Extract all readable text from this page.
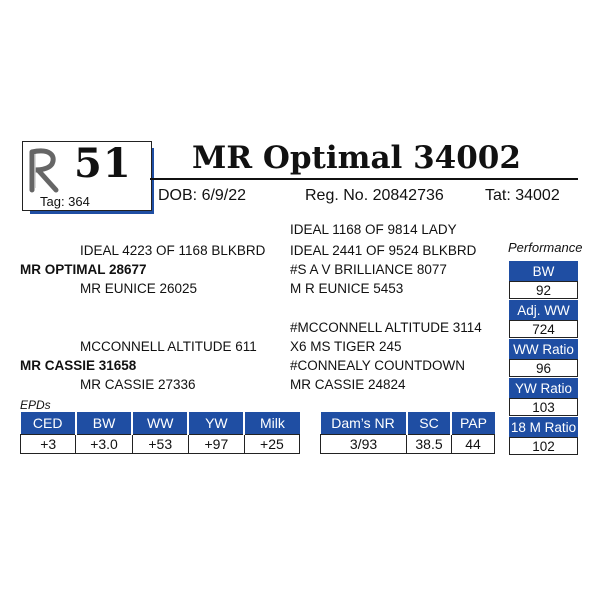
51
Tag: 364
MR Optimal 34002
DOB: 6/9/22	Reg. No. 20842736	Tat: 34002
IDEAL 1168 OF 9814 LADY
IDEAL 4223 OF 1168 BLKBRD IDEAL 2441 OF 9524 BLKBRD
MR OPTIMAL 28677	#S A V BRILLIANCE 8077
MR EUNICE 26025	M R EUNICE 5453
#MCCONNELL ALTITUDE 3114
MCCONNELL ALTITUDE 611 X6 MS TIGER 245
MR CASSIE 31658	#CONNEALY COUNTDOWN
MR CASSIE 27336	MR CASSIE 24824
Performance
BW
92
Adj. WW
724
WW Ratio
96
YW Ratio
103
18 M Ratio
102
EPDs
CED	BW	WW	YW	Milk
+3	+3.0	+53	+97	+25
Dam’s NR	SC	PAP
3/93	38.5	44
